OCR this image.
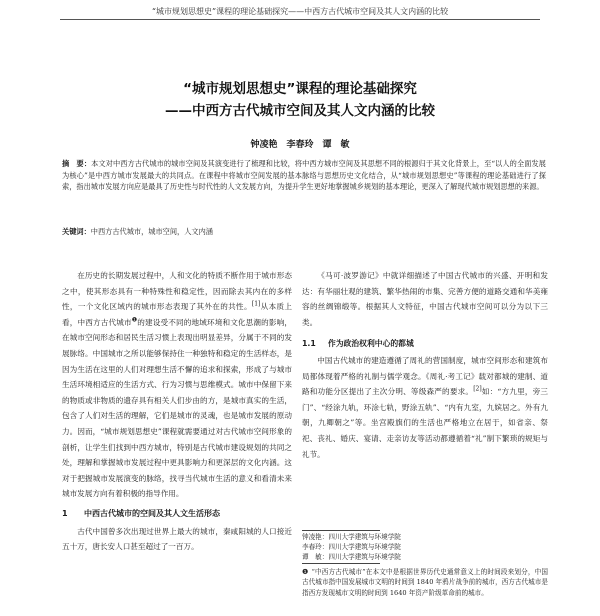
“城市规划思想史”课程的理论基础探究——中西方古代城市空间及其人文内涵的比较
“城市规划思想史”课程的理论基础探究
——中西方古代城市空间及其人文内涵的比较
钟凌艳　李春玲　谭　敏
摘　要：本文对中西方古代城市的城市空间及其演变进行了梳理和比较，将中西方城市空间及其思想不同的根源归于其文化背景上，至“以人的全面发展为核心”是中西方城市发展最大的共同点。在课程中将城市空间发展的基本脉络与思想历史文化结合，从“城市规划思想史”等课程的理论基础进行了探索，指出城市发展方向应是最具了历史性与时代性的人文发展方向，为提升学生更好地掌握城乡规划的基本理论，更深入了解现代城市规划思想的来源。
关键词：中西方古代城市，城市空间，人文内涵

在历史的长期发展过程中，人和文化的特质不断作用于城市形态之中，使其形态具有一种特殊性和稳定性，因而除去其内在的多样性，一个文化区域内的城市形态表现了其外在的共性。[1]从本质上看，中西方古代城市$^❶$的建设受不同的地域环境和文化思潮的影响，在城市空间形态和居民生活习惯上表现出明显差异，分属于不同的发展脉络。中国城市之所以能够保持住一种独特和稳定的生活样态，是因为生活在这里的人们对理想生活不懈的追求和探索，形成了与城市生活环境相适应的生活方式、行为习惯与思维模式。城市中保留下来的物质或非物质的遗存具有相关人们步由的方，是城市真实的生活，包含了人们对生活的理解，它们是城市的灵魂，也是城市发展的原动力。因而，“城市规划思想史”课程就需要通过对古代城市空间形象的剖析，让学生们找到中西方城市，特别是古代城市建设规划的共同之处，理解和掌握城市发展过程中更具影响力和更深层的文化内涵。这对于把握城市发展演变的脉络，找寻当代城市生活的意义和看清未来城市发展方向有着积极的指导作用。

1 中西古代城市的空间及其人文生活形态

古代中国曾多次出现过世界上最大的城市，秦咸阳城的人口接近五十万，唐长安人口甚至超过了一百万。

《马可·波罗游记》中就详细描述了中国古代城市的兴盛、开明和发达：有华丽壮观的建筑、繁华热闹的市集、完善方便的道路交通和华美雍容的丝绸锦缎等。根据其人文特征，中国古代城市空间可以分为以下三类。

1.1 作为政治权利中心的都城

中国古代城市的建造遵循了周礼的营国制度，城市空间形态和建筑布局都体现着严格的礼制与儒学观念。《周礼·考工记》载对都城的建制、道路和功能分区提出了主次分明、等级森严的要求。[2]如：“方九里，旁三门”、“经涂九轨，环涂七轨，野涂五轨”、“内有九室，九嫔居之。外有九朝，九卿朝之”等。坐宫殿旗们的生活也严格地立在居于，如省亲、祭祀、丧礼、婚庆、宴请、走亲访友等活动都遵循着“礼”制下繁琐的规矩与礼节。

钟凌艳：四川大学建筑与环境学院
李春玲：四川大学建筑与环境学院
谭　敏：四川大学建筑与环境学院
❶ “中西方古代城市”在本文中是根据世界历代史通常意义上的时间段来划分，中国古代城市指中国发展城市文明的时间到 1840 年鸦片战争前的城市，西方古代城市是指西方发现城市文明的时间到 1640 年资产阶级革命前的城市。
